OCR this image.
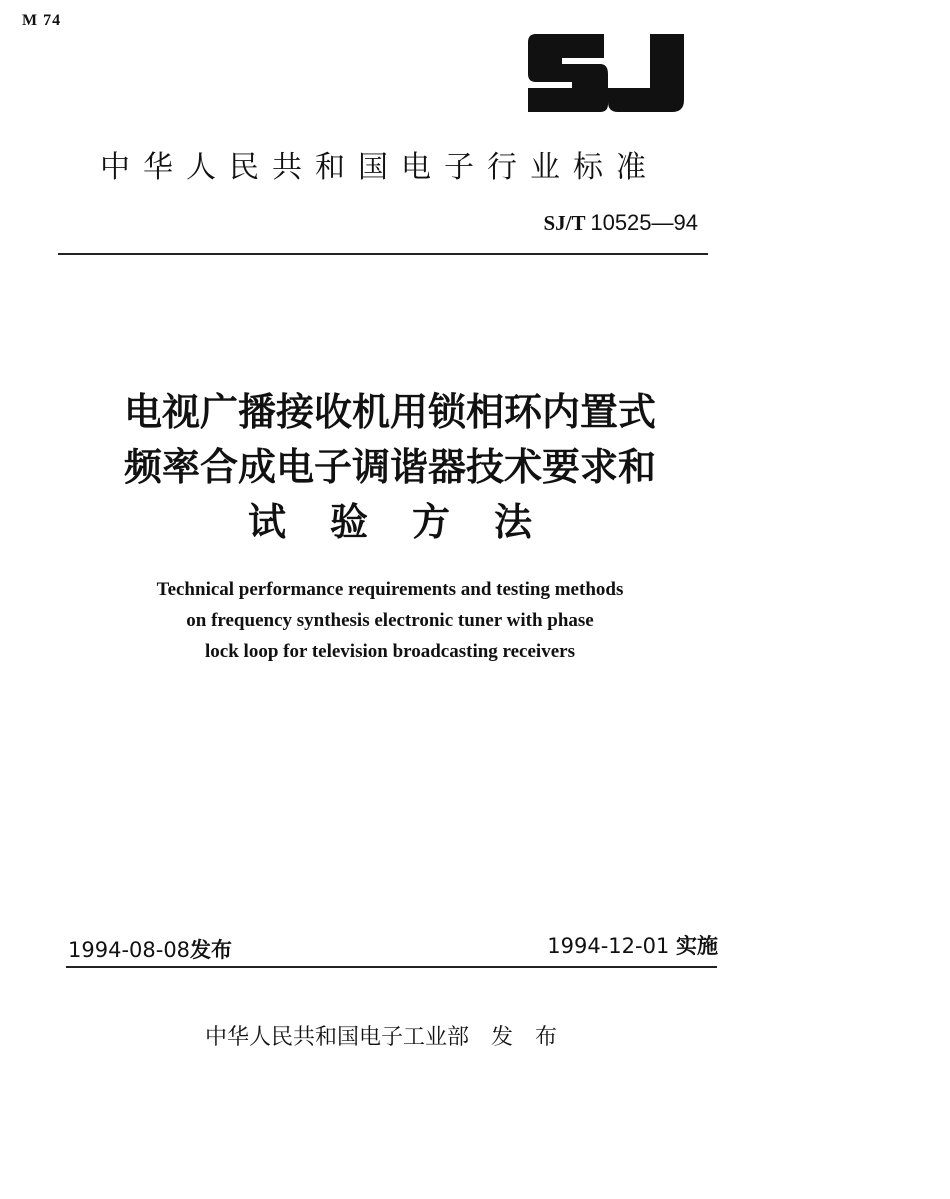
M 74
中华人民共和国电子行业标准
SJ/T 10525—94
电视广播接收机用锁相环内置式
频率合成电子调谐器技术要求和
试验方法
Technical performance requirements and testing methods
on frequency synthesis electronic tuner with phase
lock loop for television broadcasting receivers
1994-08-08发布	1994-12-01 实施
中华人民共和国电子工业部 发布
